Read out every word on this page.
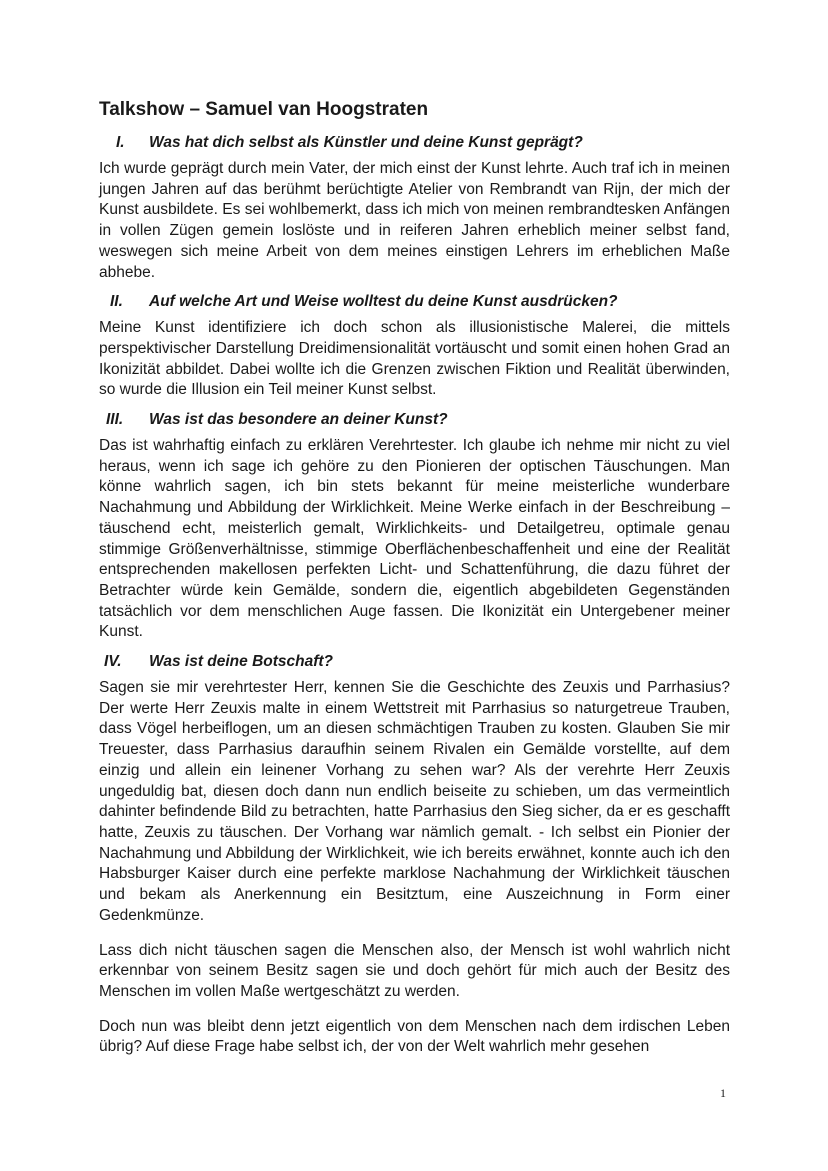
Talkshow – Samuel van Hoogstraten
I.	Was hat dich selbst als Künstler und deine Kunst geprägt?

Ich wurde geprägt durch mein Vater, der mich einst der Kunst lehrte. Auch traf ich in meinen jungen Jahren auf das berühmt berüchtigte Atelier von Rembrandt van Rijn, der mich der Kunst ausbildete. Es sei wohlbemerkt, dass ich mich von meinen rembrandtesken Anfängen in vollen Zügen gemein loslöste und in reiferen Jahren erheblich meiner selbst fand, weswegen sich meine Arbeit von dem meines einstigen Lehrers im erheblichen Maße abhebe.

II.	Auf welche Art und Weise wolltest du deine Kunst ausdrücken?

Meine Kunst identifiziere ich doch schon als illusionistische Malerei, die mittels perspektivischer Darstellung Dreidimensionalität vortäuscht und somit einen hohen Grad an Ikonizität abbildet. Dabei wollte ich die Grenzen zwischen Fiktion und Realität überwinden, so wurde die Illusion ein Teil meiner Kunst selbst.

III.	Was ist das besondere an deiner Kunst?

Das ist wahrhaftig einfach zu erklären Verehrtester. Ich glaube ich nehme mir nicht zu viel heraus, wenn ich sage ich gehöre zu den Pionieren der optischen Täuschungen. Man könne wahrlich sagen, ich bin stets bekannt für meine meisterliche wunderbare Nachahmung und Abbildung der Wirklichkeit. Meine Werke einfach in der Beschreibung – täuschend echt, meisterlich gemalt, Wirklichkeits- und Detailgetreu, optimale genau stimmige Größenverhältnisse, stimmige Oberflächenbeschaffenheit und eine der Realität entsprechenden makellosen perfekten Licht- und Schattenführung, die dazu führet der Betrachter würde kein Gemälde, sondern die, eigentlich abgebildeten Gegenständen tatsächlich vor dem menschlichen Auge fassen. Die Ikonizität ein Untergebener meiner Kunst.

IV.	Was ist deine Botschaft?

Sagen sie mir verehrtester Herr, kennen Sie die Geschichte des Zeuxis und Parrhasius? Der werte Herr Zeuxis malte in einem Wettstreit mit Parrhasius so naturgetreue Trauben, dass Vögel herbeiflogen, um an diesen schmächtigen Trauben zu kosten. Glauben Sie mir Treuester, dass Parrhasius daraufhin seinem Rivalen ein Gemälde vorstellte, auf dem einzig und allein ein leinener Vorhang zu sehen war? Als der verehrte Herr Zeuxis ungeduldig bat, diesen doch dann nun endlich beiseite zu schieben, um das vermeintlich dahinter befindende Bild zu betrachten, hatte Parrhasius den Sieg sicher, da er es geschafft hatte, Zeuxis zu täuschen. Der Vorhang war nämlich gemalt. - Ich selbst ein Pionier der Nachahmung und Abbildung der Wirklichkeit, wie ich bereits erwähnet, konnte auch ich den Habsburger Kaiser durch eine perfekte marklose Nachahmung der Wirklichkeit täuschen und bekam als Anerkennung ein Besitztum, eine Auszeichnung in Form einer Gedenkmünze.

Lass dich nicht täuschen sagen die Menschen also, der Mensch ist wohl wahrlich nicht erkennbar von seinem Besitz sagen sie und doch gehört für mich auch der Besitz des Menschen im vollen Maße wertgeschätzt zu werden.

Doch nun was bleibt denn jetzt eigentlich von dem Menschen nach dem irdischen Leben übrig? Auf diese Frage habe selbst ich, der von der Welt wahrlich mehr gesehen

1
